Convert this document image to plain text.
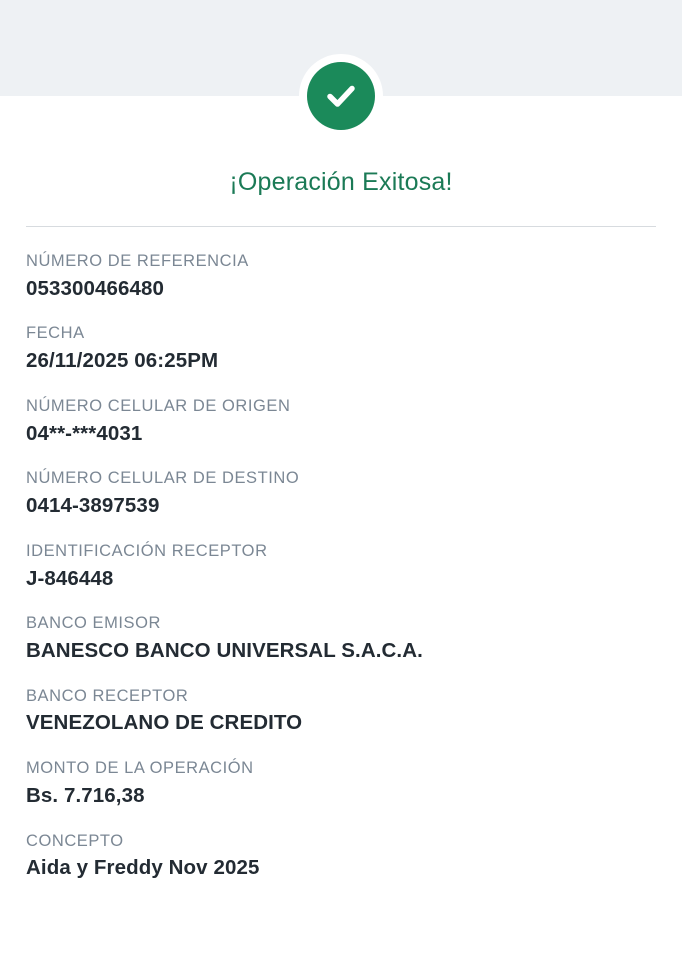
¡Operación Exitosa!
NÚMERO DE REFERENCIA
053300466480
FECHA
26/11/2025 06:25PM
NÚMERO CELULAR DE ORIGEN
04**-***4031
NÚMERO CELULAR DE DESTINO
0414-3897539
IDENTIFICACIÓN RECEPTOR
J-846448
BANCO EMISOR
BANESCO BANCO UNIVERSAL S.A.C.A.
BANCO RECEPTOR
VENEZOLANO DE CREDITO
MONTO DE LA OPERACIÓN
Bs. 7.716,38
CONCEPTO
Aida y Freddy Nov 2025
